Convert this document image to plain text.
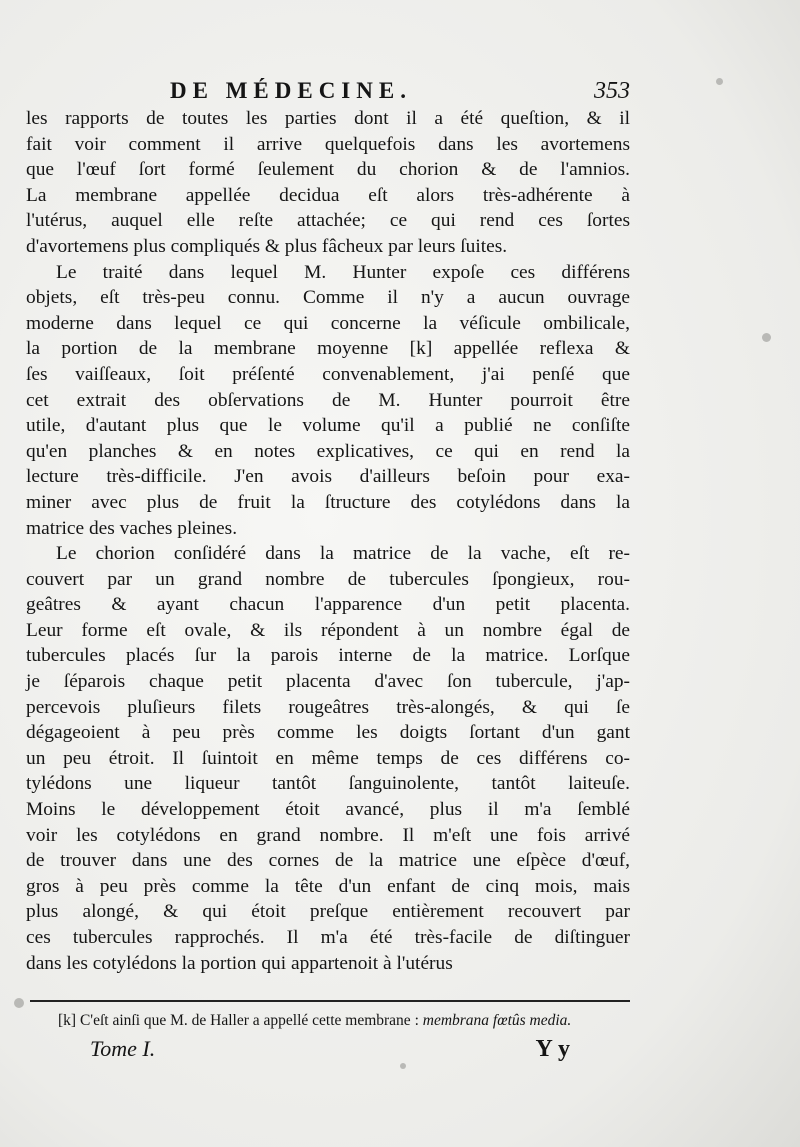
DE MÉDECINE.	353
les rapports de toutes les parties dont il a été queſtion, & il
fait voir comment il arrive quelquefois dans les avortemens
que l'œuf ſort formé ſeulement du chorion & de l'amnios.
La membrane appellée decidua eſt alors très-adhérente à
l'utérus, auquel elle reſte attachée; ce qui rend ces ſortes
d'avortemens plus compliqués & plus fâcheux par leurs ſuites.
Le traité dans lequel M. Hunter expoſe ces différens
objets, eſt très-peu connu. Comme il n'y a aucun ouvrage
moderne dans lequel ce qui concerne la véſicule ombilicale,
la portion de la membrane moyenne [k] appellée reflexa &
ſes vaiſſeaux, ſoit préſenté convenablement, j'ai penſé que
cet extrait des obſervations de M. Hunter pourroit être
utile, d'autant plus que le volume qu'il a publié ne conſiſte
qu'en planches & en notes explicatives, ce qui en rend la
lecture très-difficile. J'en avois d'ailleurs beſoin pour exa-
miner avec plus de fruit la ſtructure des cotylédons dans la
matrice des vaches pleines.
Le chorion conſidéré dans la matrice de la vache, eſt re-
couvert par un grand nombre de tubercules ſpongieux, rou-
geâtres & ayant chacun l'apparence d'un petit placenta.
Leur forme eſt ovale, & ils répondent à un nombre égal de
tubercules placés ſur la parois interne de la matrice. Lorſque
je ſéparois chaque petit placenta d'avec ſon tubercule, j'ap-
percevois pluſieurs filets rougeâtres très-alongés, & qui ſe
dégageoient à peu près comme les doigts ſortant d'un gant
un peu étroit. Il ſuintoit en même temps de ces différens co-
tylédons une liqueur tantôt ſanguinolente, tantôt laiteuſe.
Moins le développement étoit avancé, plus il m'a ſemblé
voir les cotylédons en grand nombre. Il m'eſt une fois arrivé
de trouver dans une des cornes de la matrice une eſpèce d'œuf,
gros à peu près comme la tête d'un enfant de cinq mois, mais
plus alongé, & qui étoit preſque entièrement recouvert par
ces tubercules rapprochés. Il m'a été très-facile de diſtinguer
dans les cotylédons la portion qui appartenoit à l'utérus
[k] C'eſt ainſi que M. de Haller a appellé cette membrane : membrana fœtûs media.
Tome I.	Y y
